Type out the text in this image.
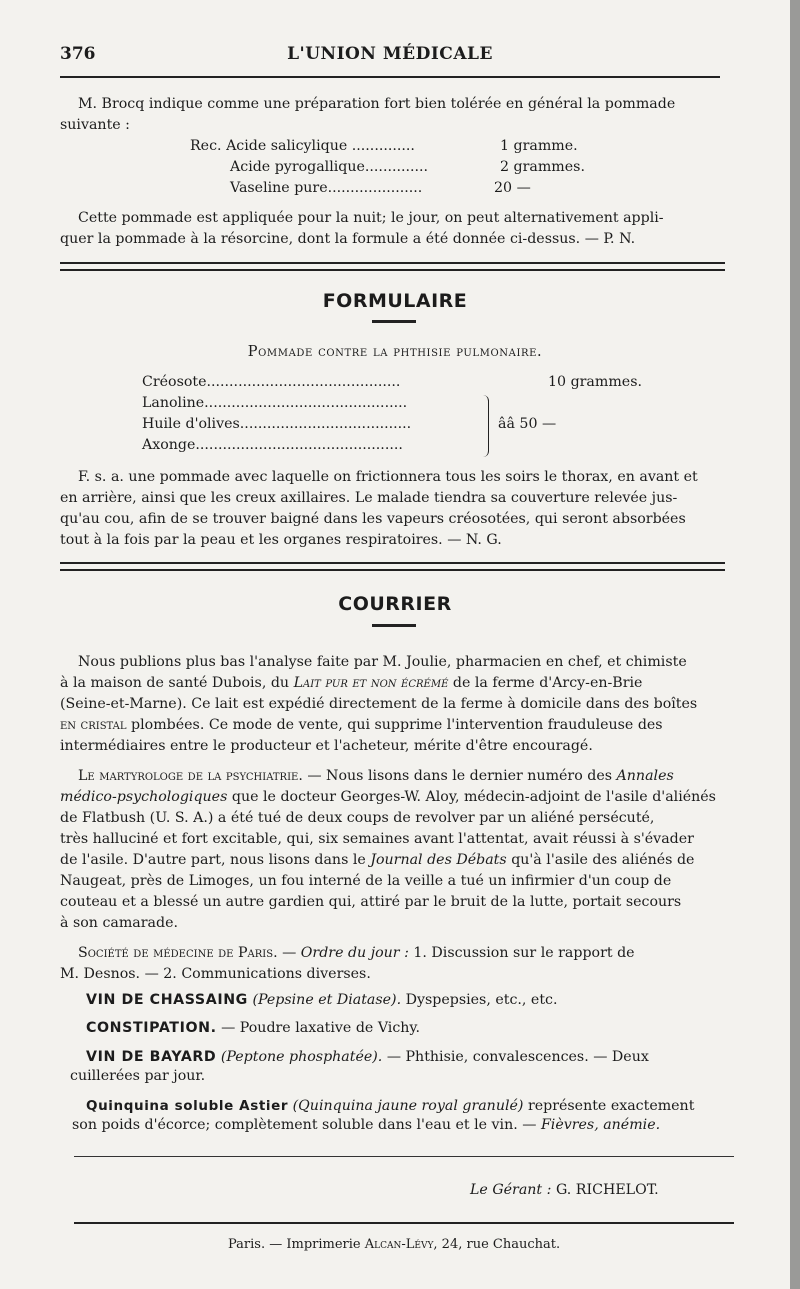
376	L'UNION MÉDICALE
M. Brocq indique comme une préparation fort bien tolérée en général la pommade
suivante :
Rec. Acide salicylique ..............	1 gramme.
Acide pyrogallique..............	2 grammes.
Vaseline pure.....................	20 —
Cette pommade est appliquée pour la nuit; le jour, on peut alternativement appli-
quer la pommade à la résorcine, dont la formule a été donnée ci-dessus. — P. N.
FORMULAIRE
Pommade contre la phthisie pulmonaire.
Créosote...........................................	10 grammes.
Lanoline.............................................
Huile d'olives......................................
Axonge..............................................
ââ 50 —
F. s. a. une pommade avec laquelle on frictionnera tous les soirs le thorax, en avant et
en arrière, ainsi que les creux axillaires. Le malade tiendra sa couverture relevée jus-
qu'au cou, afin de se trouver baigné dans les vapeurs créosotées, qui seront absorbées
tout à la fois par la peau et les organes respiratoires. — N. G.
COURRIER
Nous publions plus bas l'analyse faite par M. Joulie, pharmacien en chef, et chimiste
à la maison de santé Dubois, du Lait pur et non écrémé de la ferme d'Arcy-en-Brie
(Seine-et-Marne). Ce lait est expédié directement de la ferme à domicile dans des boîtes
en cristal plombées. Ce mode de vente, qui supprime l'intervention frauduleuse des
intermédiaires entre le producteur et l'acheteur, mérite d'être encouragé.
Le martyrologe de la psychiatrie. — Nous lisons dans le dernier numéro des Annales
médico-psychologiques que le docteur Georges-W. Aloy, médecin-adjoint de l'asile d'aliénés
de Flatbush (U. S. A.) a été tué de deux coups de revolver par un aliéné persécuté,
très halluciné et fort excitable, qui, six semaines avant l'attentat, avait réussi à s'évader
de l'asile. D'autre part, nous lisons dans le Journal des Débats qu'à l'asile des aliénés de
Naugeat, près de Limoges, un fou interné de la veille a tué un infirmier d'un coup de
couteau et a blessé un autre gardien qui, attiré par le bruit de la lutte, portait secours
à son camarade.
Société de médecine de Paris. — Ordre du jour : 1. Discussion sur le rapport de
M. Desnos. — 2. Communications diverses.
VIN DE CHASSAING (Pepsine et Diatase). Dyspepsies, etc., etc.
CONSTIPATION. — Poudre laxative de Vichy.
VIN DE BAYARD (Peptone phosphatée). — Phthisie, convalescences. — Deux
cuillerées par jour.
Quinquina soluble Astier (Quinquina jaune royal granulé) représente exactement
son poids d'écorce; complètement soluble dans l'eau et le vin. — Fièvres, anémie.
Le Gérant : G. RICHELOT.
Paris. — Imprimerie Alcan-Lévy, 24, rue Chauchat.
